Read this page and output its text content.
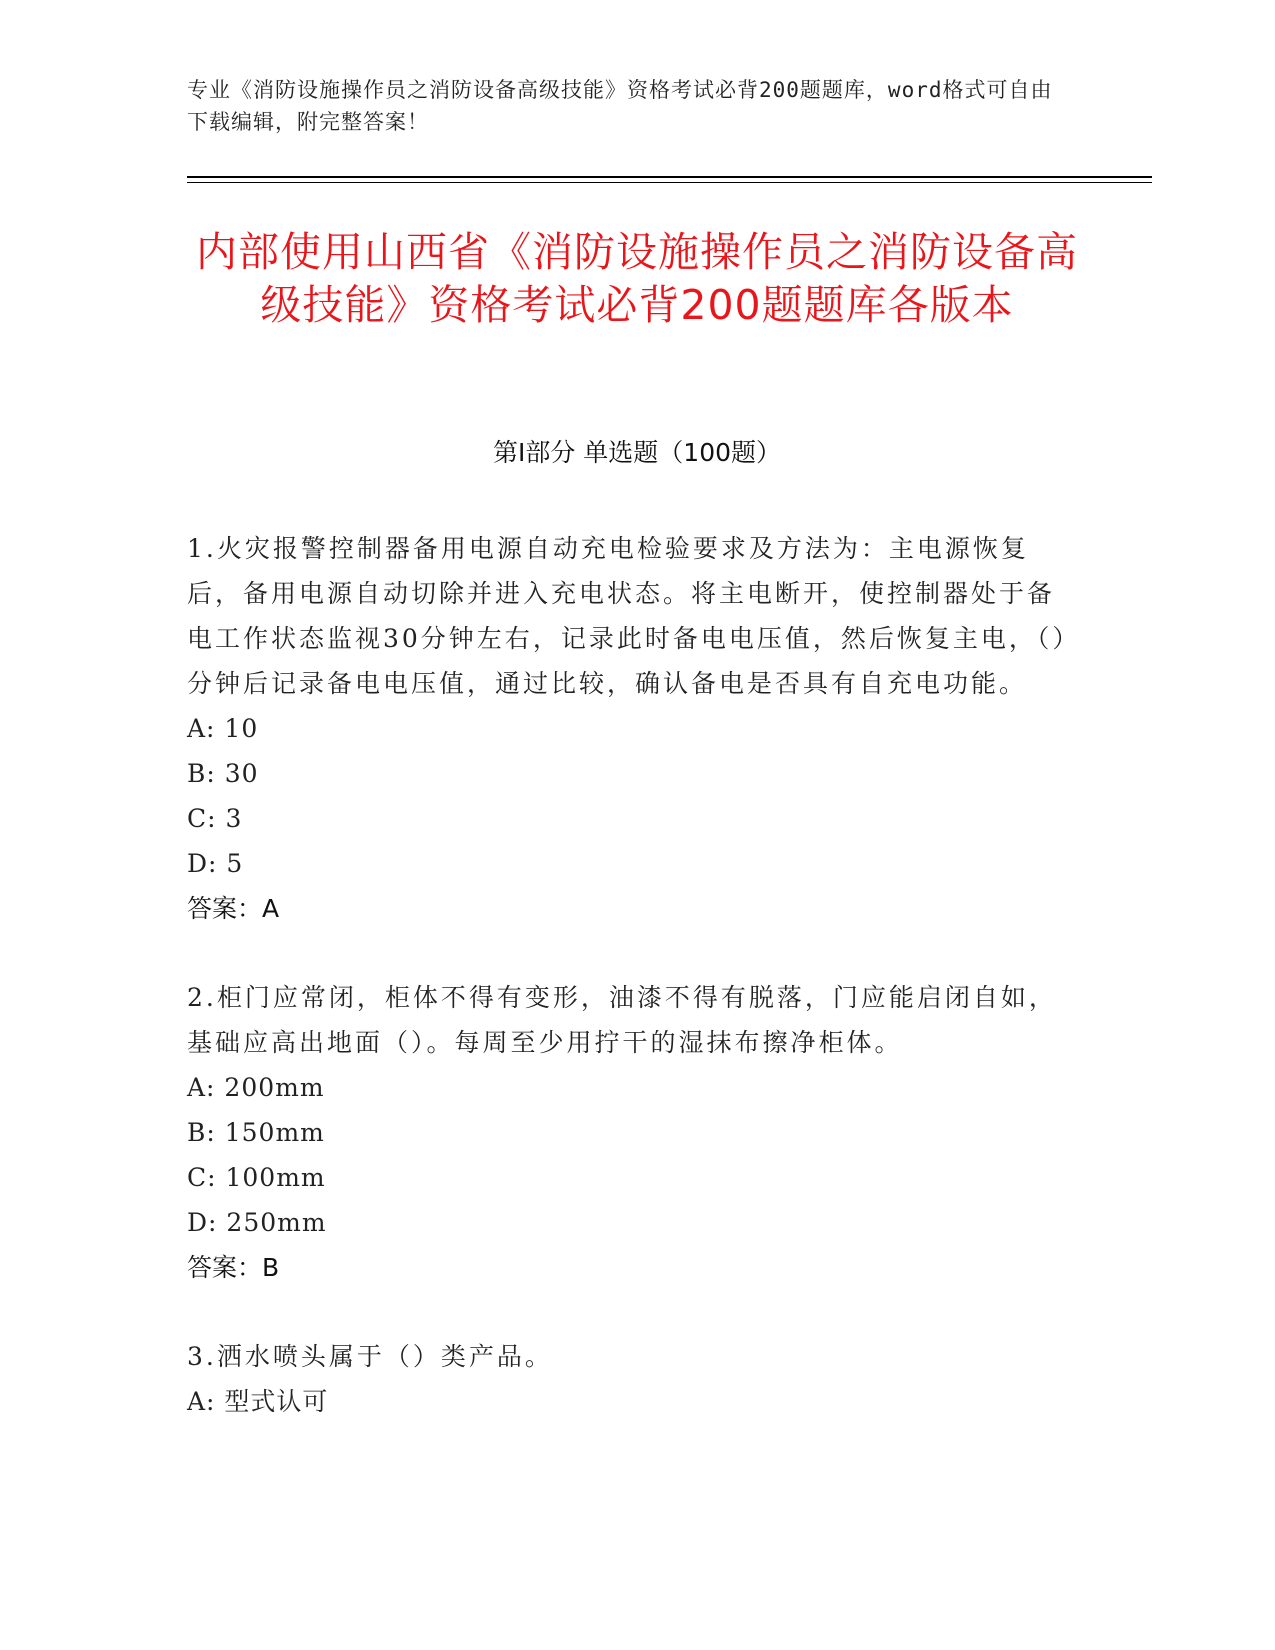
专业《消防设施操作员之消防设备高级技能》资格考试必背200题题库，word格式可自由下载编辑，附完整答案！
内部使用山西省《消防设施操作员之消防设备高级技能》资格考试必背200题题库各版本
第Ⅰ部分 单选题（100题）
1.火灾报警控制器备用电源自动充电检验要求及方法为：主电源恢复后，备用电源自动切除并进入充电状态。将主电断开，使控制器处于备电工作状态监视30分钟左右，记录此时备电电压值，然后恢复主电，（）分钟后记录备电电压值，通过比较，确认备电是否具有自充电功能。
A: 10
B: 30
C: 3
D: 5
答案：A
2.柜门应常闭，柜体不得有变形，油漆不得有脱落，门应能启闭自如，基础应高出地面（）。每周至少用拧干的湿抹布擦净柜体。
A: 200mm
B: 150mm
C: 100mm
D: 250mm
答案：B
3.洒水喷头属于（）类产品。
A: 型式认可
